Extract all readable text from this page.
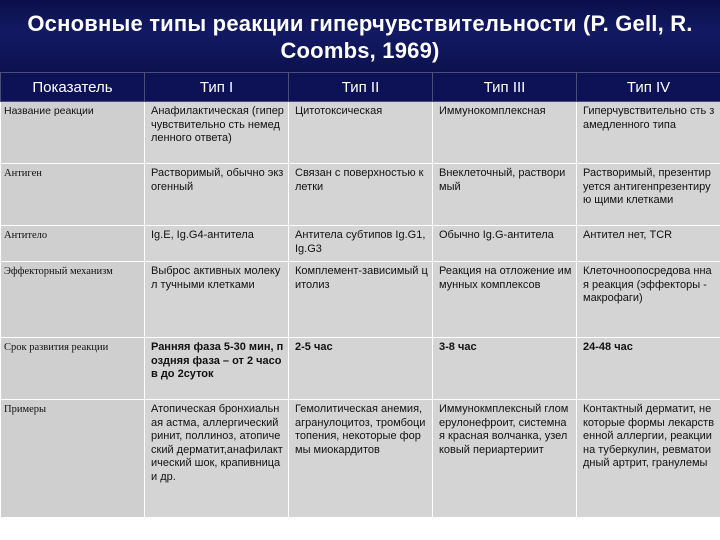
Основные типы реакции гиперчувствительности (P. Gell, R. Coombs, 1969)
Показатель	Тип I	Тип II	Тип III	Тип IV
Название реакции	Анафилактическая (гиперчувствительно сть немедленного ответа)	Цитотоксическая	Иммунокомплексная	Гиперчувствительно сть замедленного типа
Антиген	Растворимый, обычно экзогенный	Связан с поверхностью клетки	Внеклеточный, растворимый	Растворимый, презентируется антигенпрезентирую щими клетками
Антитело	Ig.E, Ig.G4-антитела	Антитела субтипов Ig.G1, Ig.G3	Обычно Ig.G-антитела	Антител нет, TCR
Эффекторный механизм	Выброс активных молекул тучными клетками	Комплемент-зависимый цитолиз	Реакция на отложение иммунных комплексов	Клеточноопосредова нная реакция (эффекторы - макрофаги)
Срок развития реакции	Ранняя фаза 5-30 мин, поздняя фаза – от 2 часов до 2суток	2-5 час	3-8 час	24-48 час
Примеры	Атопическая бронхиальная астма, аллергический ринит, поллиноз, атопический дерматит,анафилакт ический шок, крапивница и др.	Гемолитическая анемия, агранулоцитоз, тромбоцитопения, некоторые формы миокардитов	Иммунокмплексный гломерулонефроит, системная красная волчанка, узелковый периартериит	Контактный дерматит, некоторые формы лекарственной аллергии, реакции на туберкулин, ревматоидный артрит, гранулемы
